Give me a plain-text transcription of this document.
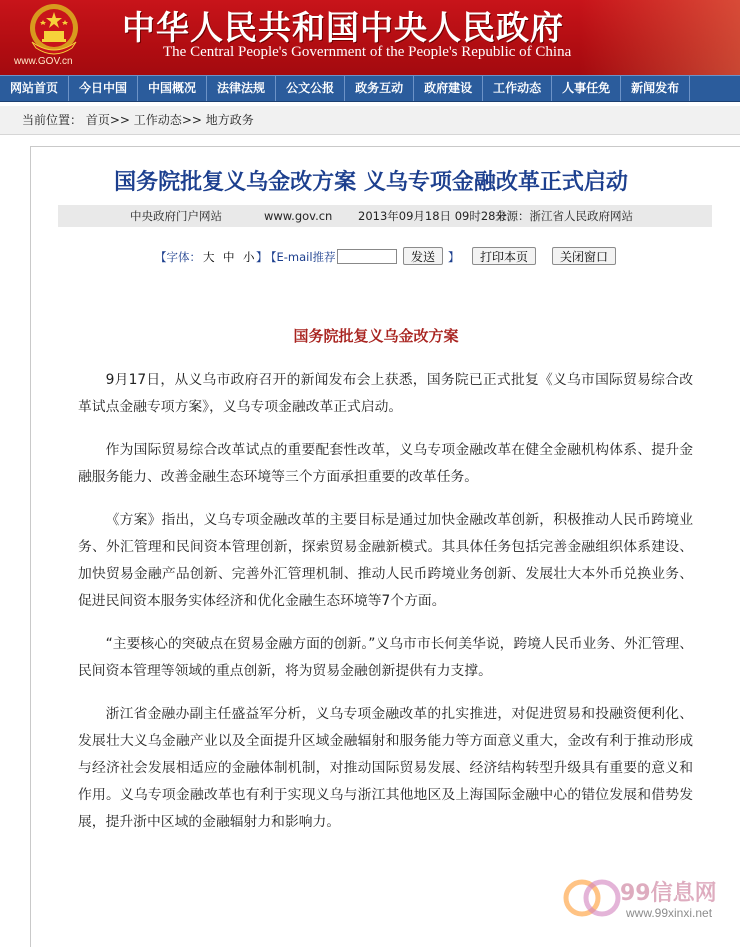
www.GOV.cn
中华人民共和国中央人民政府
The Central People's Government of the People's Republic of China
网站首页	今日中国	中国概况	法律法规	公文公报	政务互动	政府建设	工作动态	人事任免	新闻发布
当前位置： 首页>> 工作动态>> 地方政务
国务院批复义乌金改方案 义乌专项金融改革正式启动
中央政府门户网站	www.gov.cn 2013年09月18日 09时28分
来源：浙江省人民政府网站
【字体： 大 中 小 】
【E-mail推荐	发送	】	打印本页	关闭窗口
国务院批复义乌金改方案

9月17日，从义乌市政府召开的新闻发布会上获悉，国务院已正式批复《义乌市国际贸易综合改革试点金融专项方案》，义乌专项金融改革正式启动。

作为国际贸易综合改革试点的重要配套性改革，义乌专项金融改革在健全金融机构体系、提升金融服务能力、改善金融生态环境等三个方面承担重要的改革任务。

《方案》指出，义乌专项金融改革的主要目标是通过加快金融改革创新，积极推动人民币跨境业务、外汇管理和民间资本管理创新，探索贸易金融新模式。其具体任务包括完善金融组织体系建设、加快贸易金融产品创新、完善外汇管理机制、推动人民币跨境业务创新、发展壮大本外币兑换业务、促进民间资本服务实体经济和优化金融生态环境等7个方面。

“主要核心的突破点在贸易金融方面的创新。”义乌市市长何美华说，跨境人民币业务、外汇管理、民间资本管理等领域的重点创新，将为贸易金融创新提供有力支撑。

浙江省金融办副主任盛益军分析，义乌专项金融改革的扎实推进，对促进贸易和投融资便利化、发展壮大义乌金融产业以及全面提升区域金融辐射和服务能力等方面意义重大，金改有利于推动形成与经济社会发展相适应的金融体制机制，对推动国际贸易发展、经济结构转型升级具有重要的意义和作用。义乌专项金融改革也有利于实现义乌与浙江其他地区及上海国际金融中心的错位发展和借势发展，提升浙中区域的金融辐射力和影响力。

99信息网
www.99xinxi.net
